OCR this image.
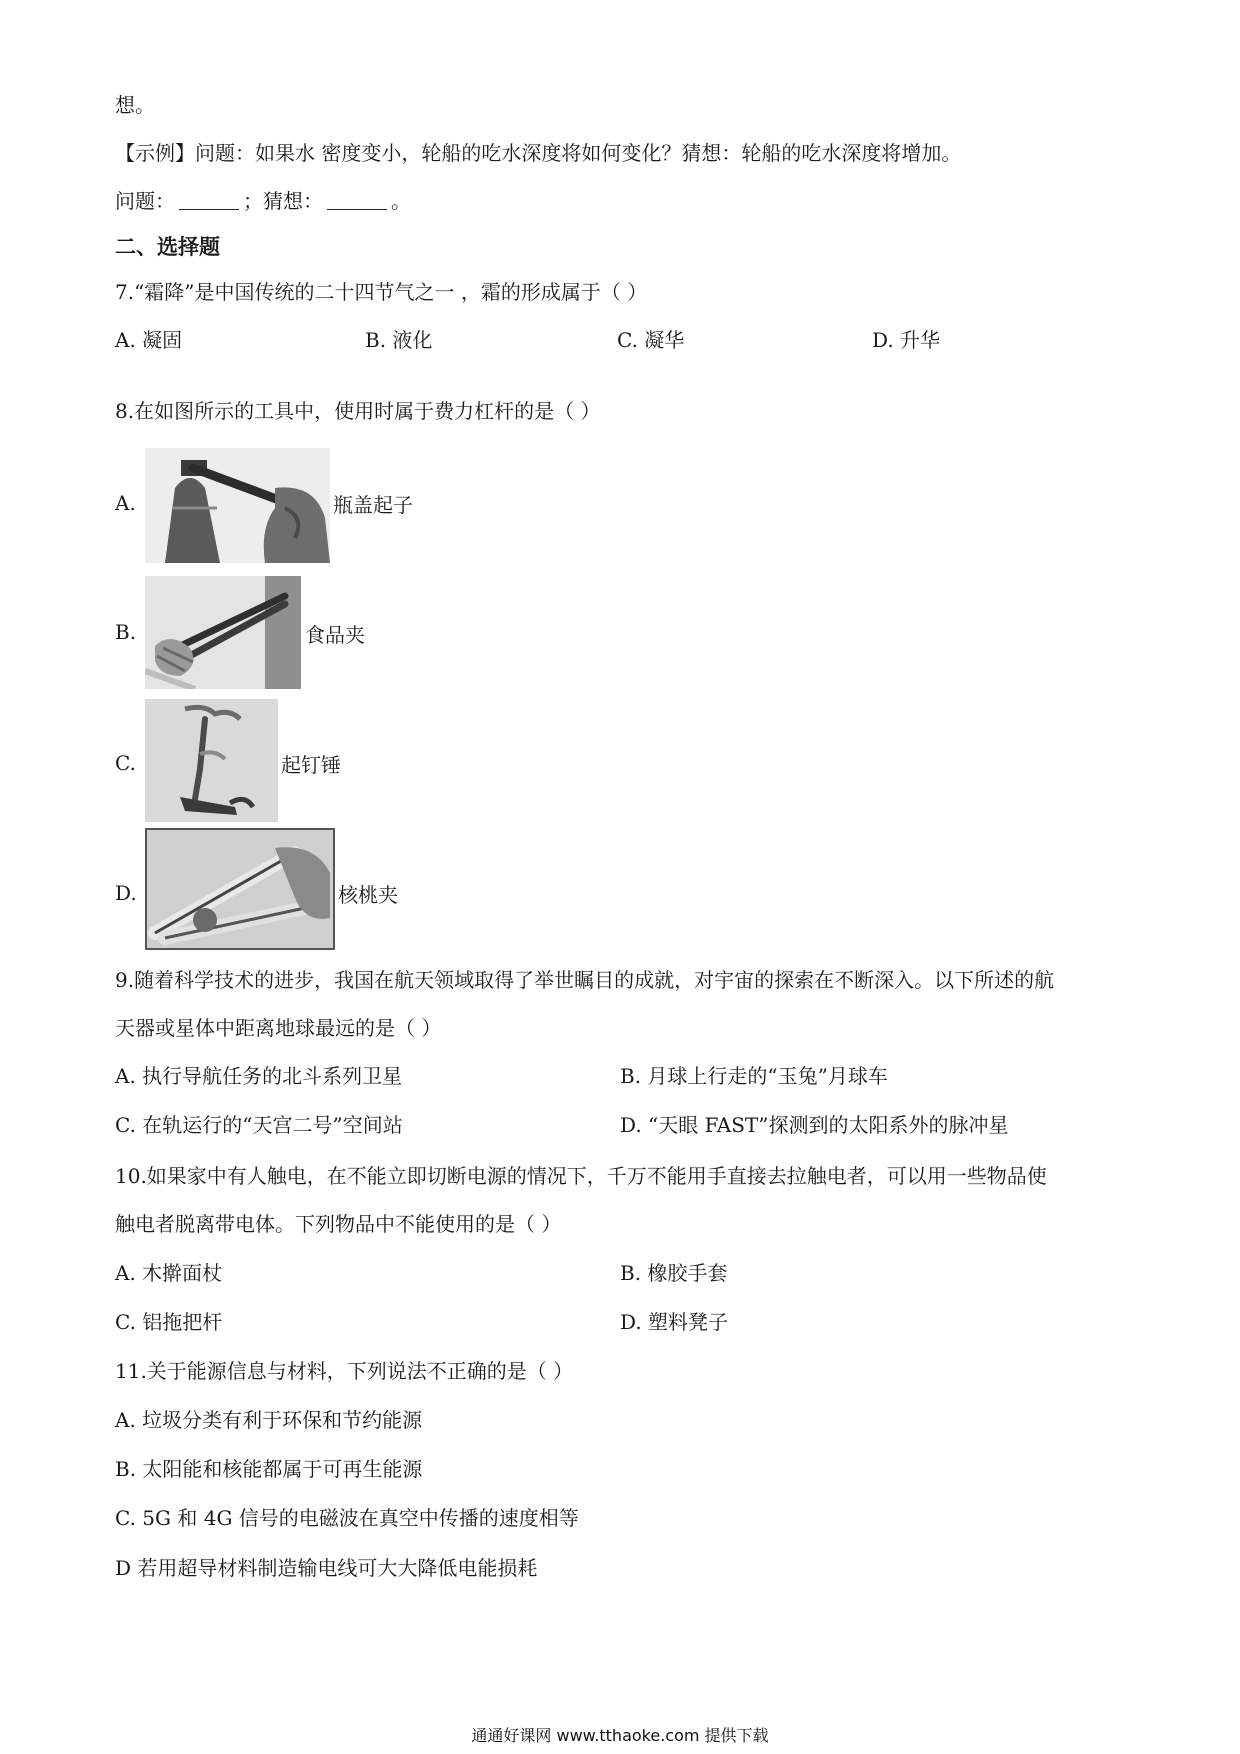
想。
【示例】问题：如果水 密度变小，轮船的吃水深度将如何变化？猜想：轮船的吃水深度将增加。
问题：	；猜想：	。
二、选择题
7.“霜降”是中国传统的二十四节气之一 ，霜的形成属于（ ）
A. 凝固	B. 液化	C. 凝华	D. 升华
8.在如图所示的工具中，使用时属于费力杠杆的是（ ）
A.	瓶盖起子
B.	食品夹
C.	起钉锤
D.	核桃夹
9.随着科学技术的进步，我国在航天领域取得了举世瞩目的成就，对宇宙的探索在不断深入。以下所述的航
天器或星体中距离地球最远的是（ ）
A. 执行导航任务的北斗系列卫星	B. 月球上行走的“玉兔”月球车
C. 在轨运行的“天宫二号”空间站	D. “天眼 FAST”探测到的太阳系外的脉冲星
10.如果家中有人触电，在不能立即切断电源的情况下，千万不能用手直接去拉触电者，可以用一些物品使
触电者脱离带电体。下列物品中不能使用的是（ ）
A. 木擀面杖	B. 橡胶手套
C. 铝拖把杆	D. 塑料凳子
11.关于能源信息与材料，下列说法不正确的是（ ）
A. 垃圾分类有利于环保和节约能源
B. 太阳能和核能都属于可再生能源
C. 5G 和 4G 信号的电磁波在真空中传播的速度相等
D 若用超导材料制造输电线可大大降低电能损耗
通通好课网 www.tthaoke.com 提供下载
